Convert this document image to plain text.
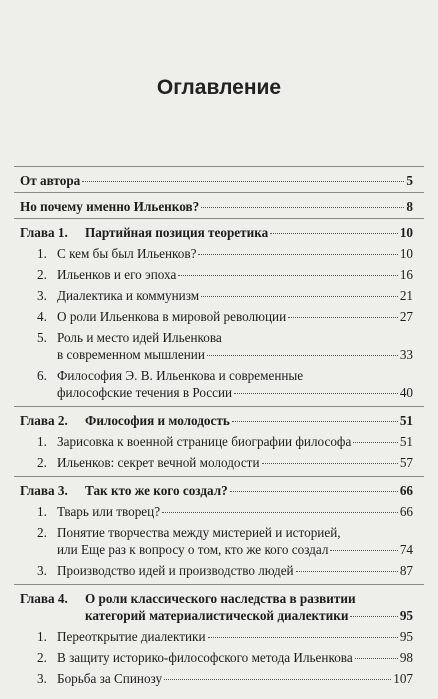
Оглавление
От автора	5
Но почему именно Ильенков?	8
Глава 1. Партийная позиция теоретика	10
1. С кем бы был Ильенков?	10
2. Ильенков и его эпоха	16
3. Диалектика и коммунизм	21
4. О роли Ильенкова в мировой революции	27
5. Роль и место идей Ильенкова
в современном мышлении	33
6. Философия Э. В. Ильенкова и современные
философские течения в России	40
Глава 2. Философия и молодость	51
1. Зарисовка к военной странице биографии философа	51
2. Ильенков: секрет вечной молодости	57
Глава 3. Так кто же кого создал?	66
1. Тварь или творец?	66
2. Понятие творчества между мистерией и историей,
или Еще раз к вопросу о том, кто же кого создал	74
3. Производство идей и производство людей	87
Глава 4. О роли классического наследства в развитии
категорий материалистической диалектики	95
1. Переоткрытие диалектики	95
2. В защиту историко-философского метода Ильенкова	98
3. Борьба за Спинозу	107
